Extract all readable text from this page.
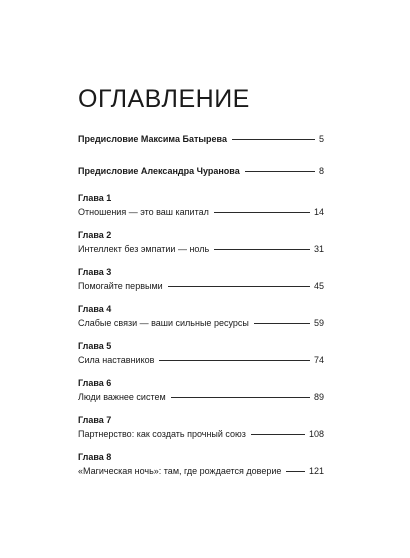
ОГЛАВЛЕНИЕ
Предисловие Максима Батырева	5
Предисловие Александра Чуранова	8
Глава 1
Отношения — это ваш капитал	14
Глава 2
Интеллект без эмпатии — ноль	31
Глава 3
Помогайте первыми	45
Глава 4
Слабые связи — ваши сильные ресурсы	59
Глава 5
Сила наставников	74
Глава 6
Люди важнее систем	89
Глава 7
Партнерство: как создать прочный союз	108
Глава 8
«Магическая ночь»: там, где рождается доверие	121
